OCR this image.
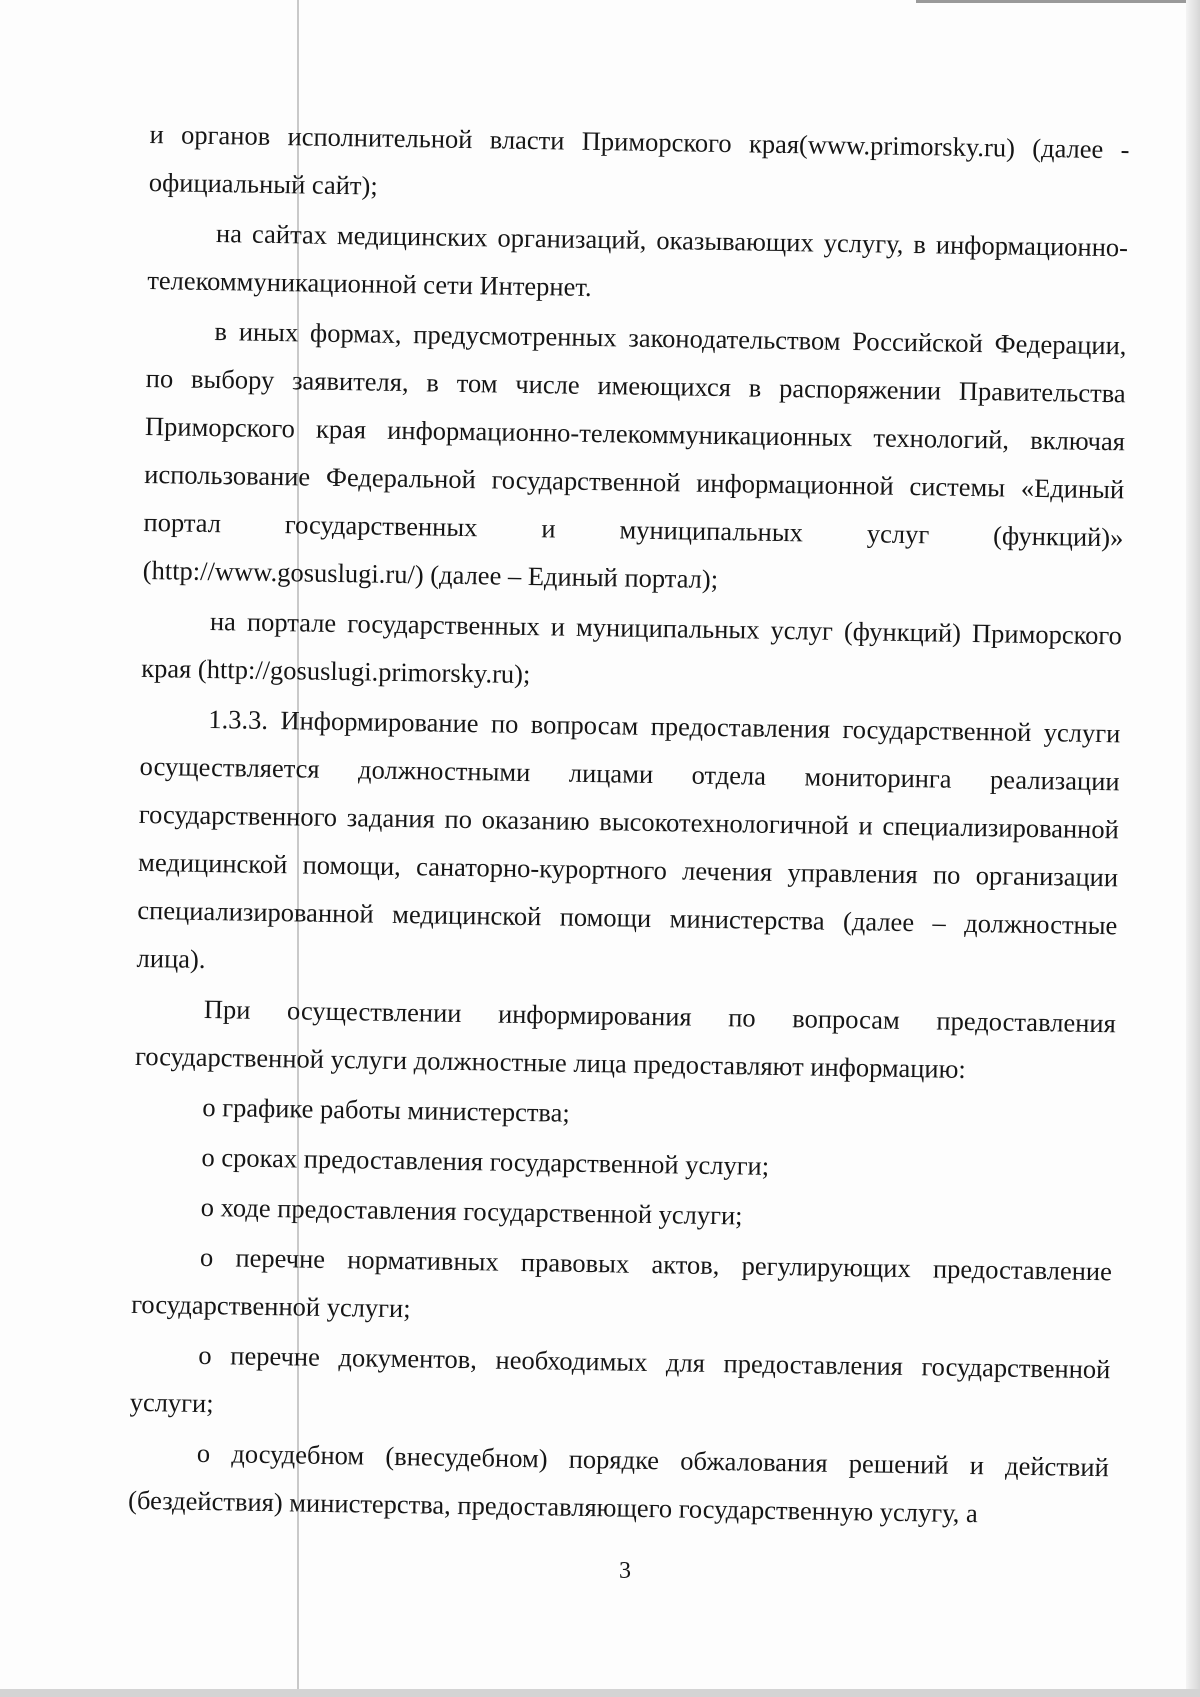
и органов исполнительной власти Приморского края(www.primorsky.ru) (далее - официальный сайт);

на сайтах медицинских организаций, оказывающих услугу, в информационно-телекоммуникационной сети Интернет.

в иных формах, предусмотренных законодательством Российской Федерации, по выбору заявителя, в том числе имеющихся в распоряжении Правительства Приморского края информационно-телекоммуникационных технологий, включая использование Федеральной государственной информационной системы «Единый портал государственных и муниципальных услуг (функций)» (http://www.gosuslugi.ru/) (далее – Единый портал);

на портале государственных и муниципальных услуг (функций) Приморского края (http://gosuslugi.primorsky.ru);

1.3.3. Информирование по вопросам предоставления государственной услуги осуществляется должностными лицами отдела мониторинга реализации государственного задания по оказанию высокотехнологичной и специализированной медицинской помощи, санаторно-курортного лечения управления по организации специализированной медицинской помощи министерства (далее – должностные лица).

При осуществлении информирования по вопросам предоставления государственной услуги должностные лица предоставляют информацию:

о графике работы министерства;

о сроках предоставления государственной услуги;

о ходе предоставления государственной услуги;

о перечне нормативных правовых актов, регулирующих предоставление государственной услуги;

о перечне документов, необходимых для предоставления государственной услуги;

о досудебном (внесудебном) порядке обжалования решений и действий (бездействия) министерства, предоставляющего государственную услугу, а

3
